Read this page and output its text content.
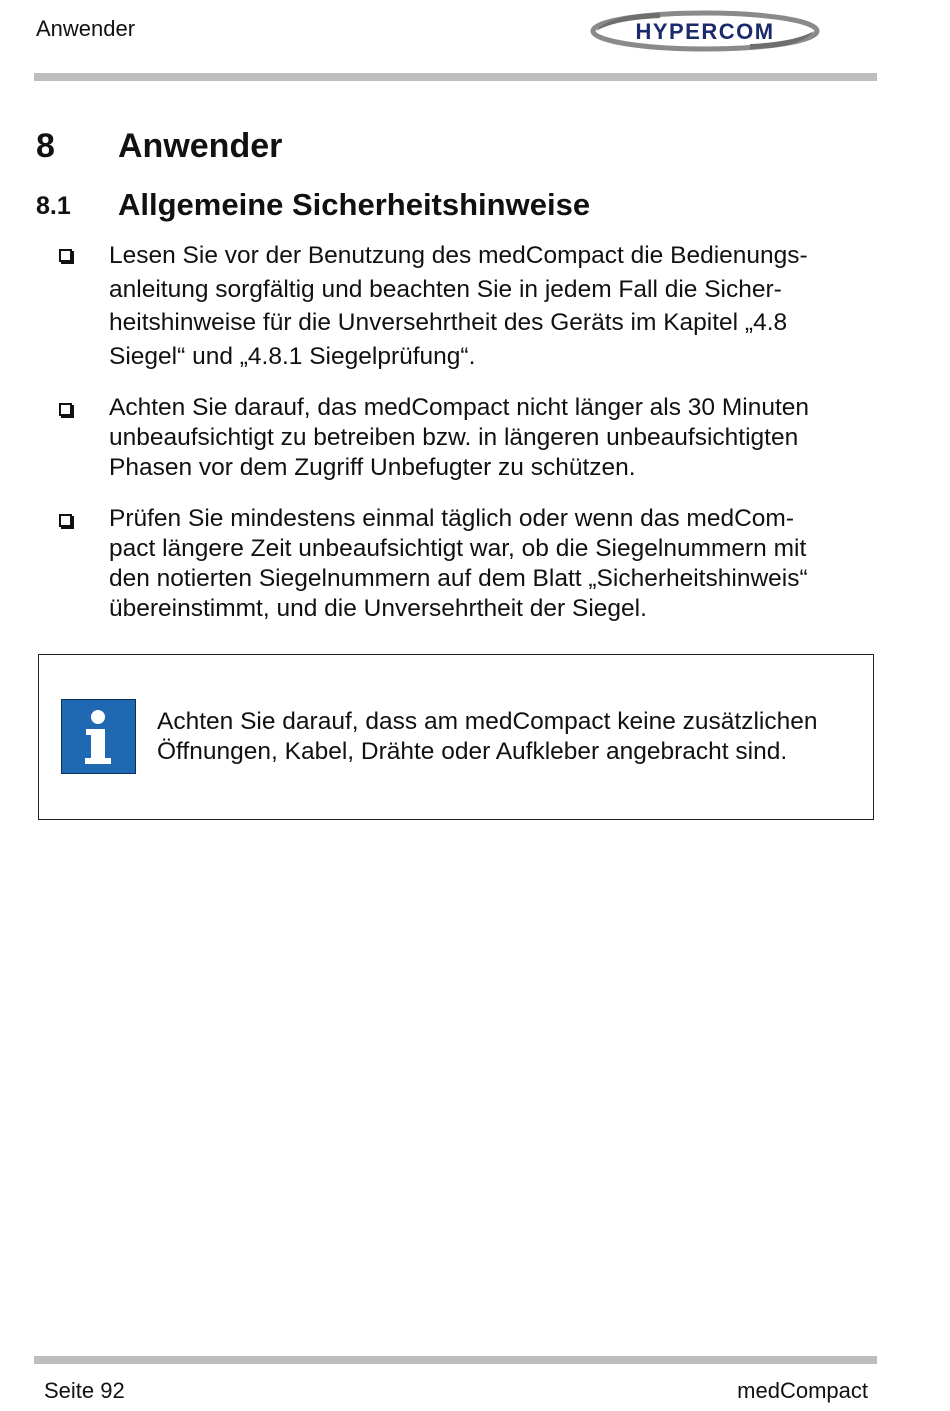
Anwender	HYPERCOM
8 Anwender
8.1 Allgemeine Sicherheitshinweise
Lesen Sie vor der Benutzung des medCompact die Bedienungs-
anleitung sorgfältig und beachten Sie in jedem Fall die Sicher-
heitshinweise für die Unversehrtheit des Geräts im Kapitel „4.8
Siegel“ und „4.8.1 Siegelprüfung“.
Achten Sie darauf, das medCompact nicht länger als 30 Minuten
unbeaufsichtigt zu betreiben bzw. in längeren unbeaufsichtigten
Phasen vor dem Zugriff Unbefugter zu schützen.
Prüfen Sie mindestens einmal täglich oder wenn das medCom-
pact längere Zeit unbeaufsichtigt war, ob die Siegelnummern mit
den notierten Siegelnummern auf dem Blatt „Sicherheitshinweis“
übereinstimmt, und die Unversehrtheit der Siegel.
Achten Sie darauf, dass am medCompact keine zusätzlichen
Öffnungen, Kabel, Drähte oder Aufkleber angebracht sind.
Seite 92	medCompact
